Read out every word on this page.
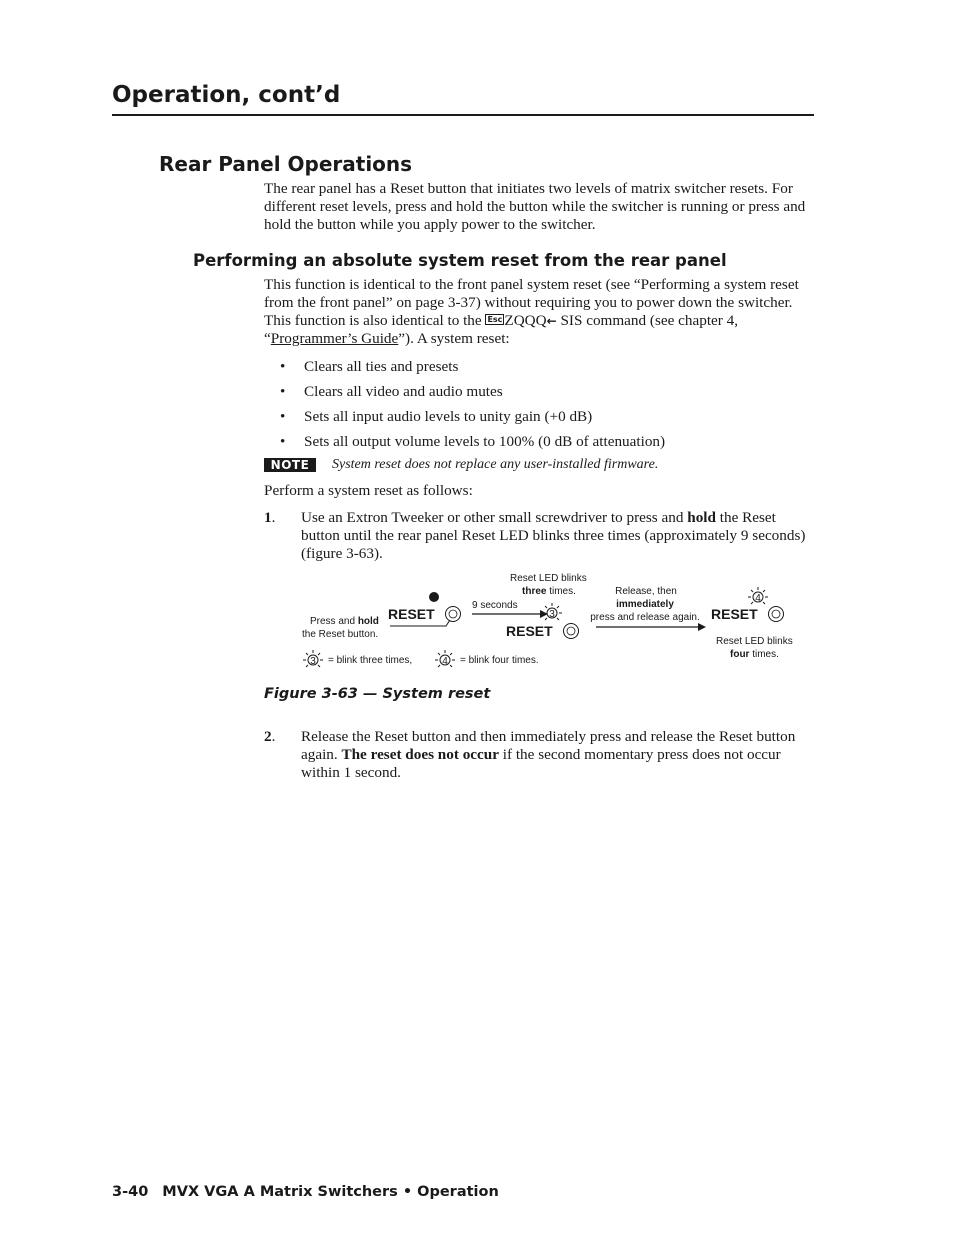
Operation, cont’d
Rear Panel Operations

The rear panel has a Reset button that initiates two levels of matrix switcher resets. For different reset levels, press and hold the button while the switcher is running or press and hold the button while you apply power to the switcher.

Performing an absolute system reset from the rear panel

This function is identical to the front panel system reset (see “Performing a system reset from the front panel” on page 3-37) without requiring you to power down the switcher. This function is also identical to the Esc ZQQQ← SIS command (see chapter 4, “Programmer’s Guide”). A system reset:

• Clears all ties and presets
• Clears all video and audio mutes
• Sets all input audio levels to unity gain (+0 dB)
• Sets all output volume levels to 100% (0 dB of attenuation)
NOTE	System reset does not replace any user-installed firmware.

Perform a system reset as follows:

1. Use an Extron Tweeker or other small screwdriver to press and hold the Reset button until the rear panel Reset LED blinks three times (approximately 9 seconds) (figure 3-63).

RESET
Press and hold
the Reset button.
9 seconds
Reset LED blinks
three times.
3
RESET
Release, then
immediately
press and release again.
4
RESET
Reset LED blinks
four times.
3 = blink three times,	4 = blink four times.

Figure 3-63 — System reset

2. Release the Reset button and then immediately press and release the Reset button again. The reset does not occur if the second momentary press does not occur within 1 second.

3-40 MVX VGA A Matrix Switchers • Operation
